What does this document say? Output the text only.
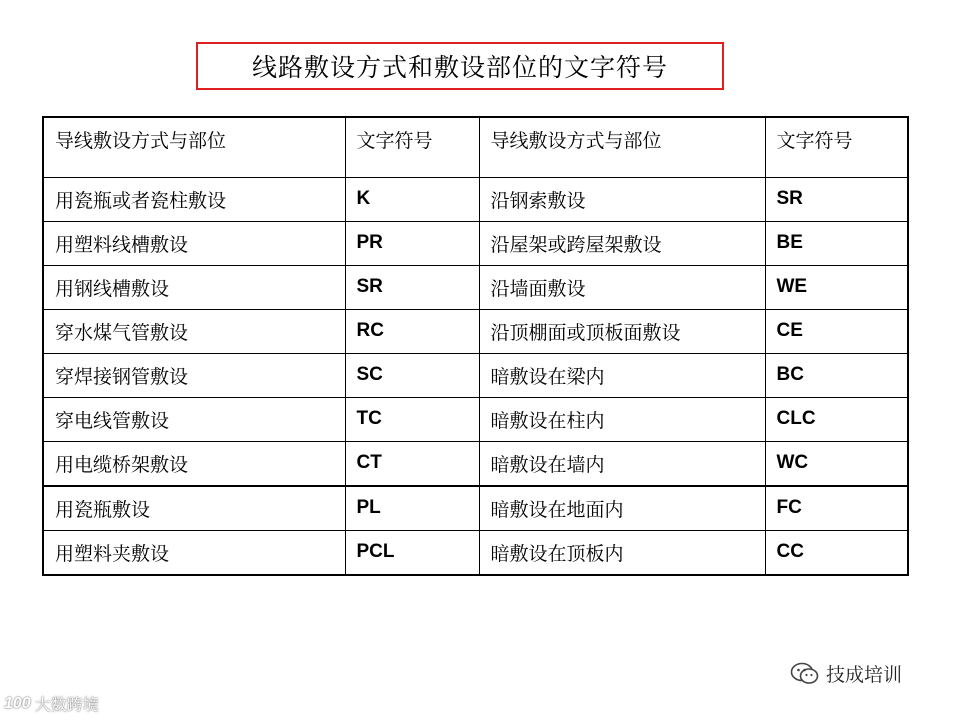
线路敷设方式和敷设部位的文字符号
导线敷设方式与部位	文字符号	导线敷设方式与部位	文字符号
用瓷瓶或者瓷柱敷设	K	沿钢索敷设	SR
用塑料线槽敷设	PR	沿屋架或跨屋架敷设	BE
用钢线槽敷设	SR	沿墙面敷设	WE
穿水煤气管敷设	RC	沿顶棚面或顶板面敷设	CE
穿焊接钢管敷设	SC	暗敷设在梁内	BC
穿电线管敷设	TC	暗敷设在柱内	CLC
用电缆桥架敷设	CT	暗敷设在墙内	WC
用瓷瓶敷设	PL	暗敷设在地面内	FC
用塑料夹敷设	PCL	暗敷设在顶板内	CC
技成培训
100 大数跨境
